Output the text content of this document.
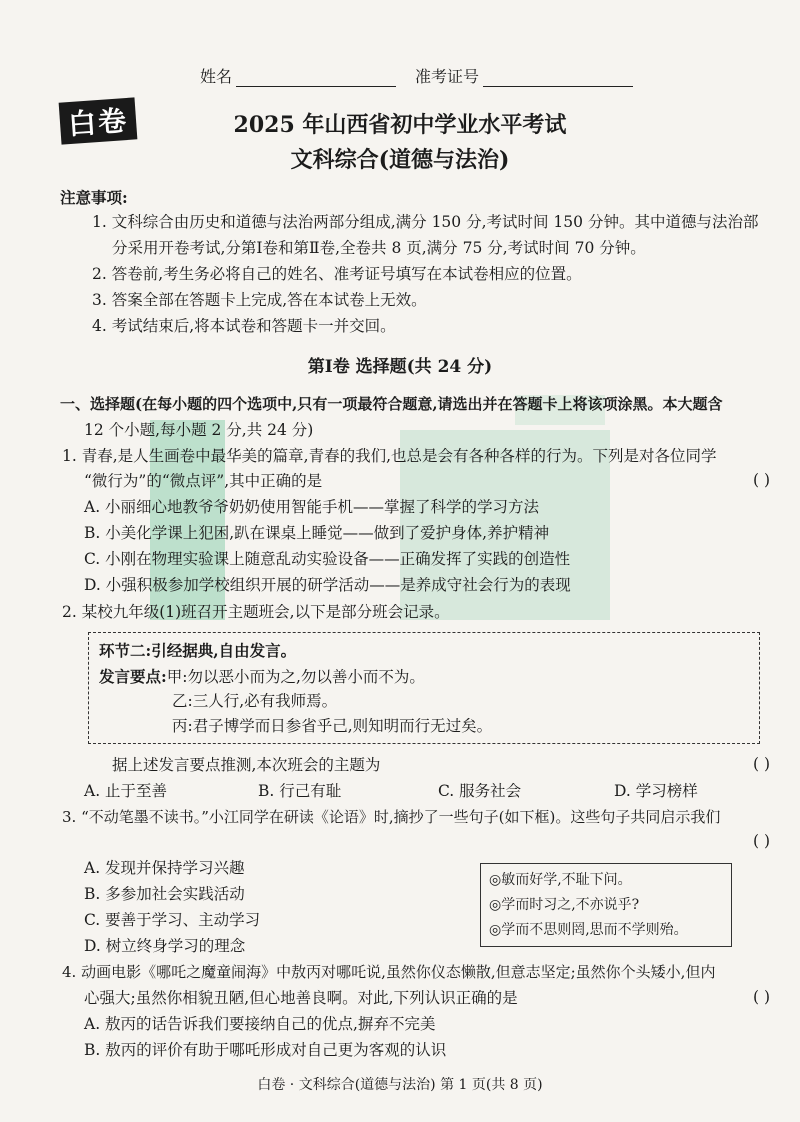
姓名	准考证号
白卷	2025 年山西省初中学业水平考试
文科综合(道德与法治)
注意事项:
1. 文科综合由历史和道德与法治两部分组成,满分 150 分,考试时间 150 分钟。其中道德与法治部
分采用开卷考试,分第Ⅰ卷和第Ⅱ卷,全卷共 8 页,满分 75 分,考试时间 70 分钟。
2. 答卷前,考生务必将自己的姓名、准考证号填写在本试卷相应的位置。
3. 答案全部在答题卡上完成,答在本试卷上无效。
4. 考试结束后,将本试卷和答题卡一并交回。
第Ⅰ卷 选择题(共 24 分)
一、选择题(在每小题的四个选项中,只有一项最符合题意,请选出并在答题卡上将该项涂黑。本大题含
12 个小题,每小题 2 分,共 24 分)
1. 青春,是人生画卷中最华美的篇章,青春的我们,也总是会有各种各样的行为。下列是对各位同学
“微行为”的“微点评”,其中正确的是	( )
A. 小丽细心地教爷爷奶奶使用智能手机——掌握了科学的学习方法
B. 小美化学课上犯困,趴在课桌上睡觉——做到了爱护身体,养护精神
C. 小刚在物理实验课上随意乱动实验设备——正确发挥了实践的创造性
D. 小强积极参加学校组织开展的研学活动——是养成守社会行为的表现
2. 某校九年级(1)班召开主题班会,以下是部分班会记录。
环节二:引经据典,自由发言。
发言要点:甲:勿以恶小而为之,勿以善小而不为。
乙:三人行,必有我师焉。
丙:君子博学而日参省乎己,则知明而行无过矣。
据上述发言要点推测,本次班会的主题为	( )
A. 止于至善	B. 行己有耻	C. 服务社会	D. 学习榜样
3. “不动笔墨不读书。”小江同学在研读《论语》时,摘抄了一些句子(如下框)。这些句子共同启示我们
( )
A. 发现并保持学习兴趣
B. 多参加社会实践活动
C. 要善于学习、主动学习
D. 树立终身学习的理念
◎敏而好学,不耻下问。
◎学而时习之,不亦说乎?
◎学而不思则罔,思而不学则殆。
4. 动画电影《哪吒之魔童闹海》中敖丙对哪吒说,虽然你仪态懒散,但意志坚定;虽然你个头矮小,但内
心强大;虽然你相貌丑陋,但心地善良啊。对此,下列认识正确的是	( )
A. 敖丙的话告诉我们要接纳自己的优点,摒弃不完美
B. 敖丙的评价有助于哪吒形成对自己更为客观的认识
白卷 · 文科综合(道德与法治) 第 1 页(共 8 页)
